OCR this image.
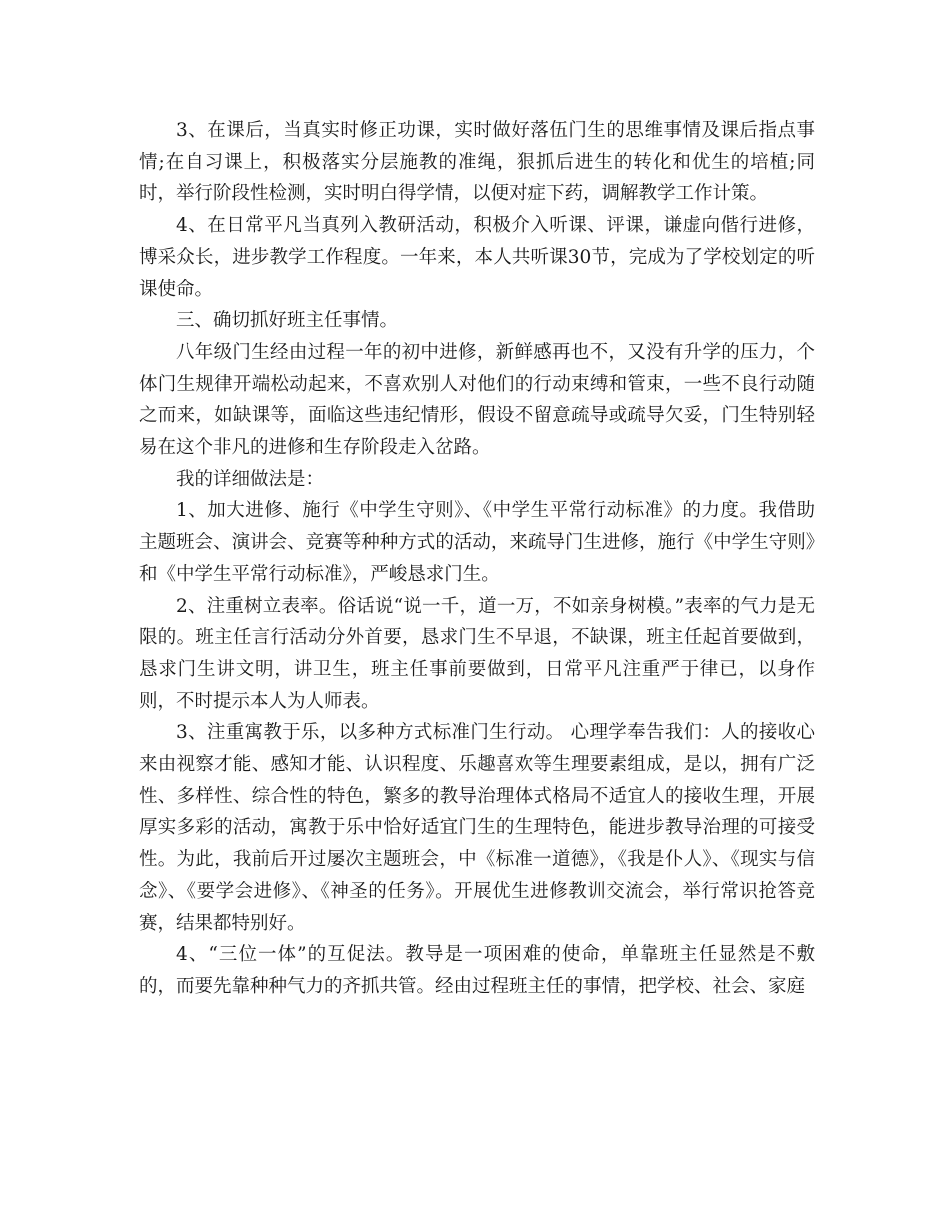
3、在课后，当真实时修正功课，实时做好落伍门生的思维事情及课后指点事情;在自习课上，积极落实分层施教的准绳，狠抓后进生的转化和优生的培植;同时，举行阶段性检测，实时明白得学情，以便对症下药，调解教学工作计策。

4、在日常平凡当真列入教研活动，积极介入听课、评课，谦虚向偕行进修，博采众长，进步教学工作程度。一年来，本人共听课30节，完成为了学校划定的听课使命。

三、确切抓好班主任事情。

八年级门生经由过程一年的初中进修，新鲜感再也不，又没有升学的压力，个体门生规律开端松动起来，不喜欢别人对他们的行动束缚和管束，一些不良行动随之而来，如缺课等，面临这些违纪情形，假设不留意疏导或疏导欠妥，门生特别轻易在这个非凡的进修和生存阶段走入岔路。

我的详细做法是：

1、加大进修、施行《中学生守则》、《中学生平常行动标准》的力度。我借助主题班会、演讲会、竞赛等种种方式的活动，来疏导门生进修，施行《中学生守则》和《中学生平常行动标准》，严峻恳求门生。

2、注重树立表率。俗话说“说一千，道一万，不如亲身树模。”表率的气力是无限的。班主任言行活动分外首要，恳求门生不早退，不缺课，班主任起首要做到，恳求门生讲文明，讲卫生，班主任事前要做到，日常平凡注重严于律已，以身作则，不时提示本人为人师表。

3、注重寓教于乐，以多种方式标准门生行动。 心理学奉告我们：人的接收心来由视察才能、感知才能、认识程度、乐趣喜欢等生理要素组成，是以，拥有广泛性、多样性、综合性的特色，繁多的教导治理体式格局不适宜人的接收生理，开展厚实多彩的活动，寓教于乐中恰好适宜门生的生理特色，能进步教导治理的可接受性。为此，我前后开过屡次主题班会，中《标准一道德》，《我是仆人》、《现实与信念》、《要学会进修》、《神圣的任务》。开展优生进修教训交流会，举行常识抢答竞赛，结果都特别好。

4、“三位一体”的互促法。教导是一项困难的使命，单靠班主任显然是不敷的，而要先靠种种气力的齐抓共管。经由过程班主任的事情，把学校、社会、家庭
